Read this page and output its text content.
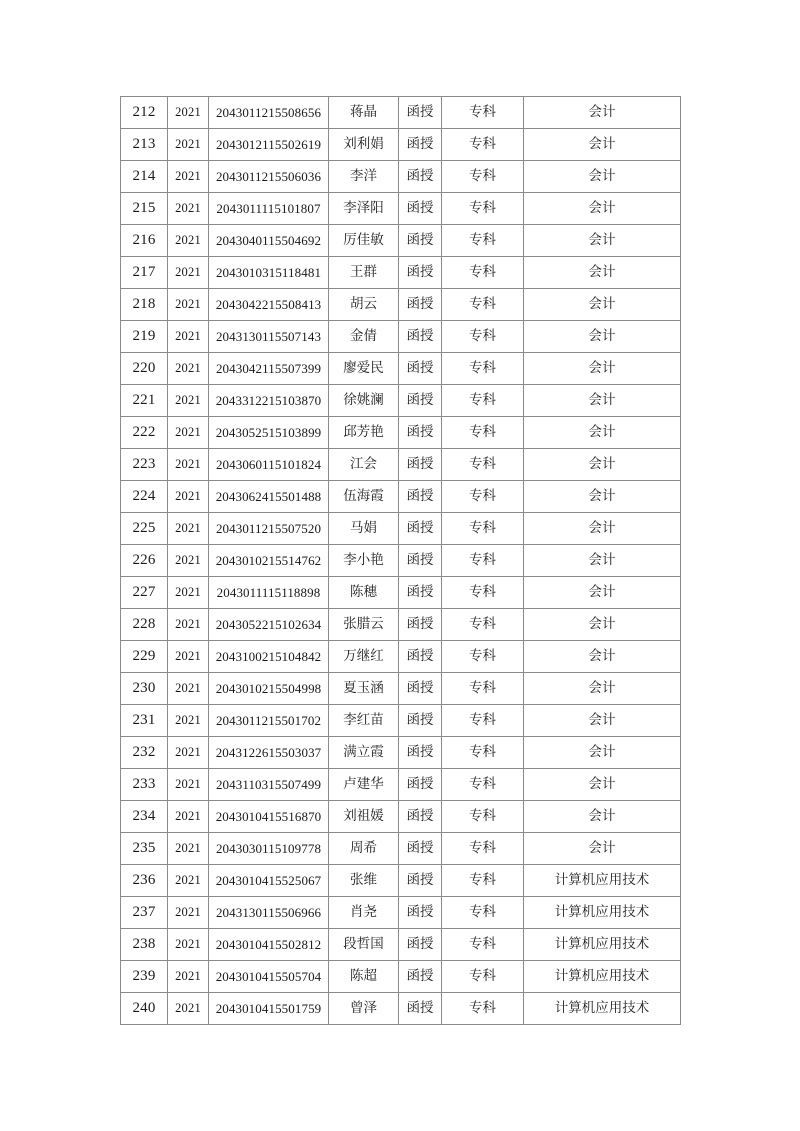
212	2021	2043011215508656	蒋晶	函授	专科	会计
213	2021	2043012115502619	刘利娟	函授	专科	会计
214	2021	2043011215506036	李洋	函授	专科	会计
215	2021	2043011115101807	李泽阳	函授	专科	会计
216	2021	2043040115504692	厉佳敏	函授	专科	会计
217	2021	2043010315118481	王群	函授	专科	会计
218	2021	2043042215508413	胡云	函授	专科	会计
219	2021	2043130115507143	金倩	函授	专科	会计
220	2021	2043042115507399	廖爱民	函授	专科	会计
221	2021	2043312215103870	徐姚澜	函授	专科	会计
222	2021	2043052515103899	邱芳艳	函授	专科	会计
223	2021	2043060115101824	江会	函授	专科	会计
224	2021	2043062415501488	伍海霞	函授	专科	会计
225	2021	2043011215507520	马娟	函授	专科	会计
226	2021	2043010215514762	李小艳	函授	专科	会计
227	2021	2043011115118898	陈穗	函授	专科	会计
228	2021	2043052215102634	张腊云	函授	专科	会计
229	2021	2043100215104842	万继红	函授	专科	会计
230	2021	2043010215504998	夏玉涵	函授	专科	会计
231	2021	2043011215501702	李红苗	函授	专科	会计
232	2021	2043122615503037	满立霞	函授	专科	会计
233	2021	2043110315507499	卢建华	函授	专科	会计
234	2021	2043010415516870	刘祖媛	函授	专科	会计
235	2021	2043030115109778	周希	函授	专科	会计
236	2021	2043010415525067	张维	函授	专科	计算机应用技术
237	2021	2043130115506966	肖尧	函授	专科	计算机应用技术
238	2021	2043010415502812	段哲国	函授	专科	计算机应用技术
239	2021	2043010415505704	陈超	函授	专科	计算机应用技术
240	2021	2043010415501759	曾泽	函授	专科	计算机应用技术
